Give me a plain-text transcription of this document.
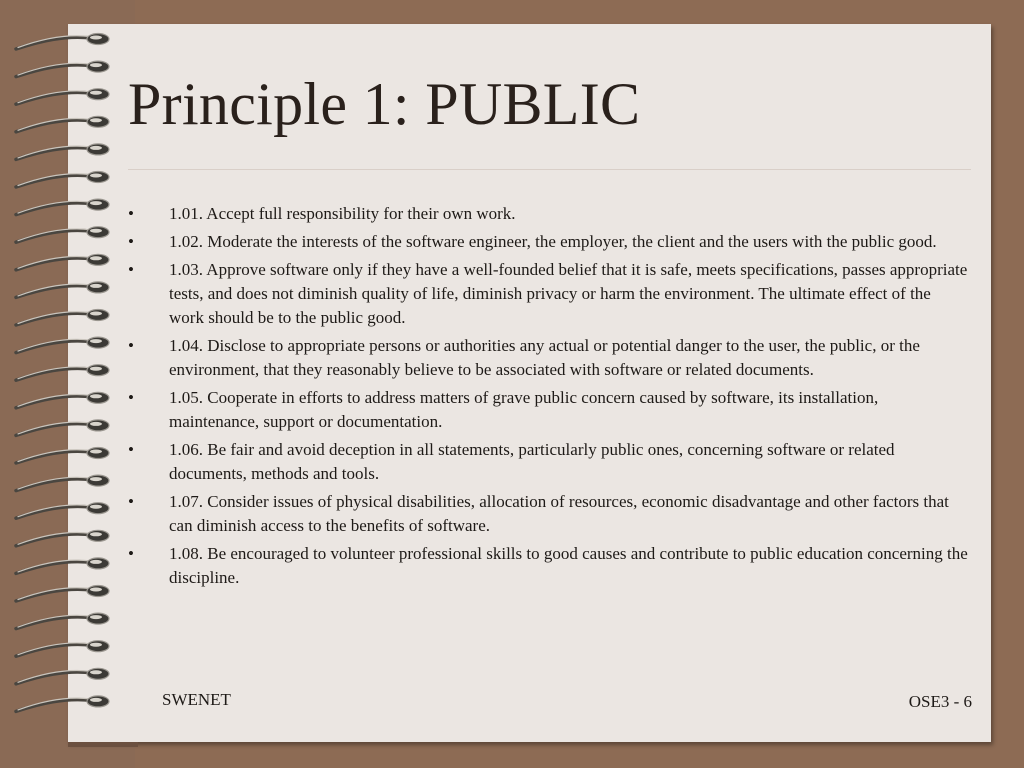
Principle 1: PUBLIC
•	1.01. Accept full responsibility for their own work.
•	1.02. Moderate the interests of the software engineer, the employer, the client and the users with the public good.
•	1.03. Approve software only if they have a well-founded belief that it is safe, meets specifications, passes appropriate tests, and does not diminish quality of life, diminish privacy or harm the environment. The ultimate effect of the work should be to the public good.
•	1.04. Disclose to appropriate persons or authorities any actual or potential danger to the user, the public, or the environment, that they reasonably believe to be associated with software or related documents.
•	1.05. Cooperate in efforts to address matters of grave public concern caused by software, its installation, maintenance, support or documentation.
•	1.06. Be fair and avoid deception in all statements, particularly public ones, concerning software or related documents, methods and tools.
•	1.07. Consider issues of physical disabilities, allocation of resources, economic disadvantage and other factors that can diminish access to the benefits of software.
•	1.08. Be encouraged to volunteer professional skills to good causes and contribute to public education concerning the discipline.
SWENET	OSE3 - 6
